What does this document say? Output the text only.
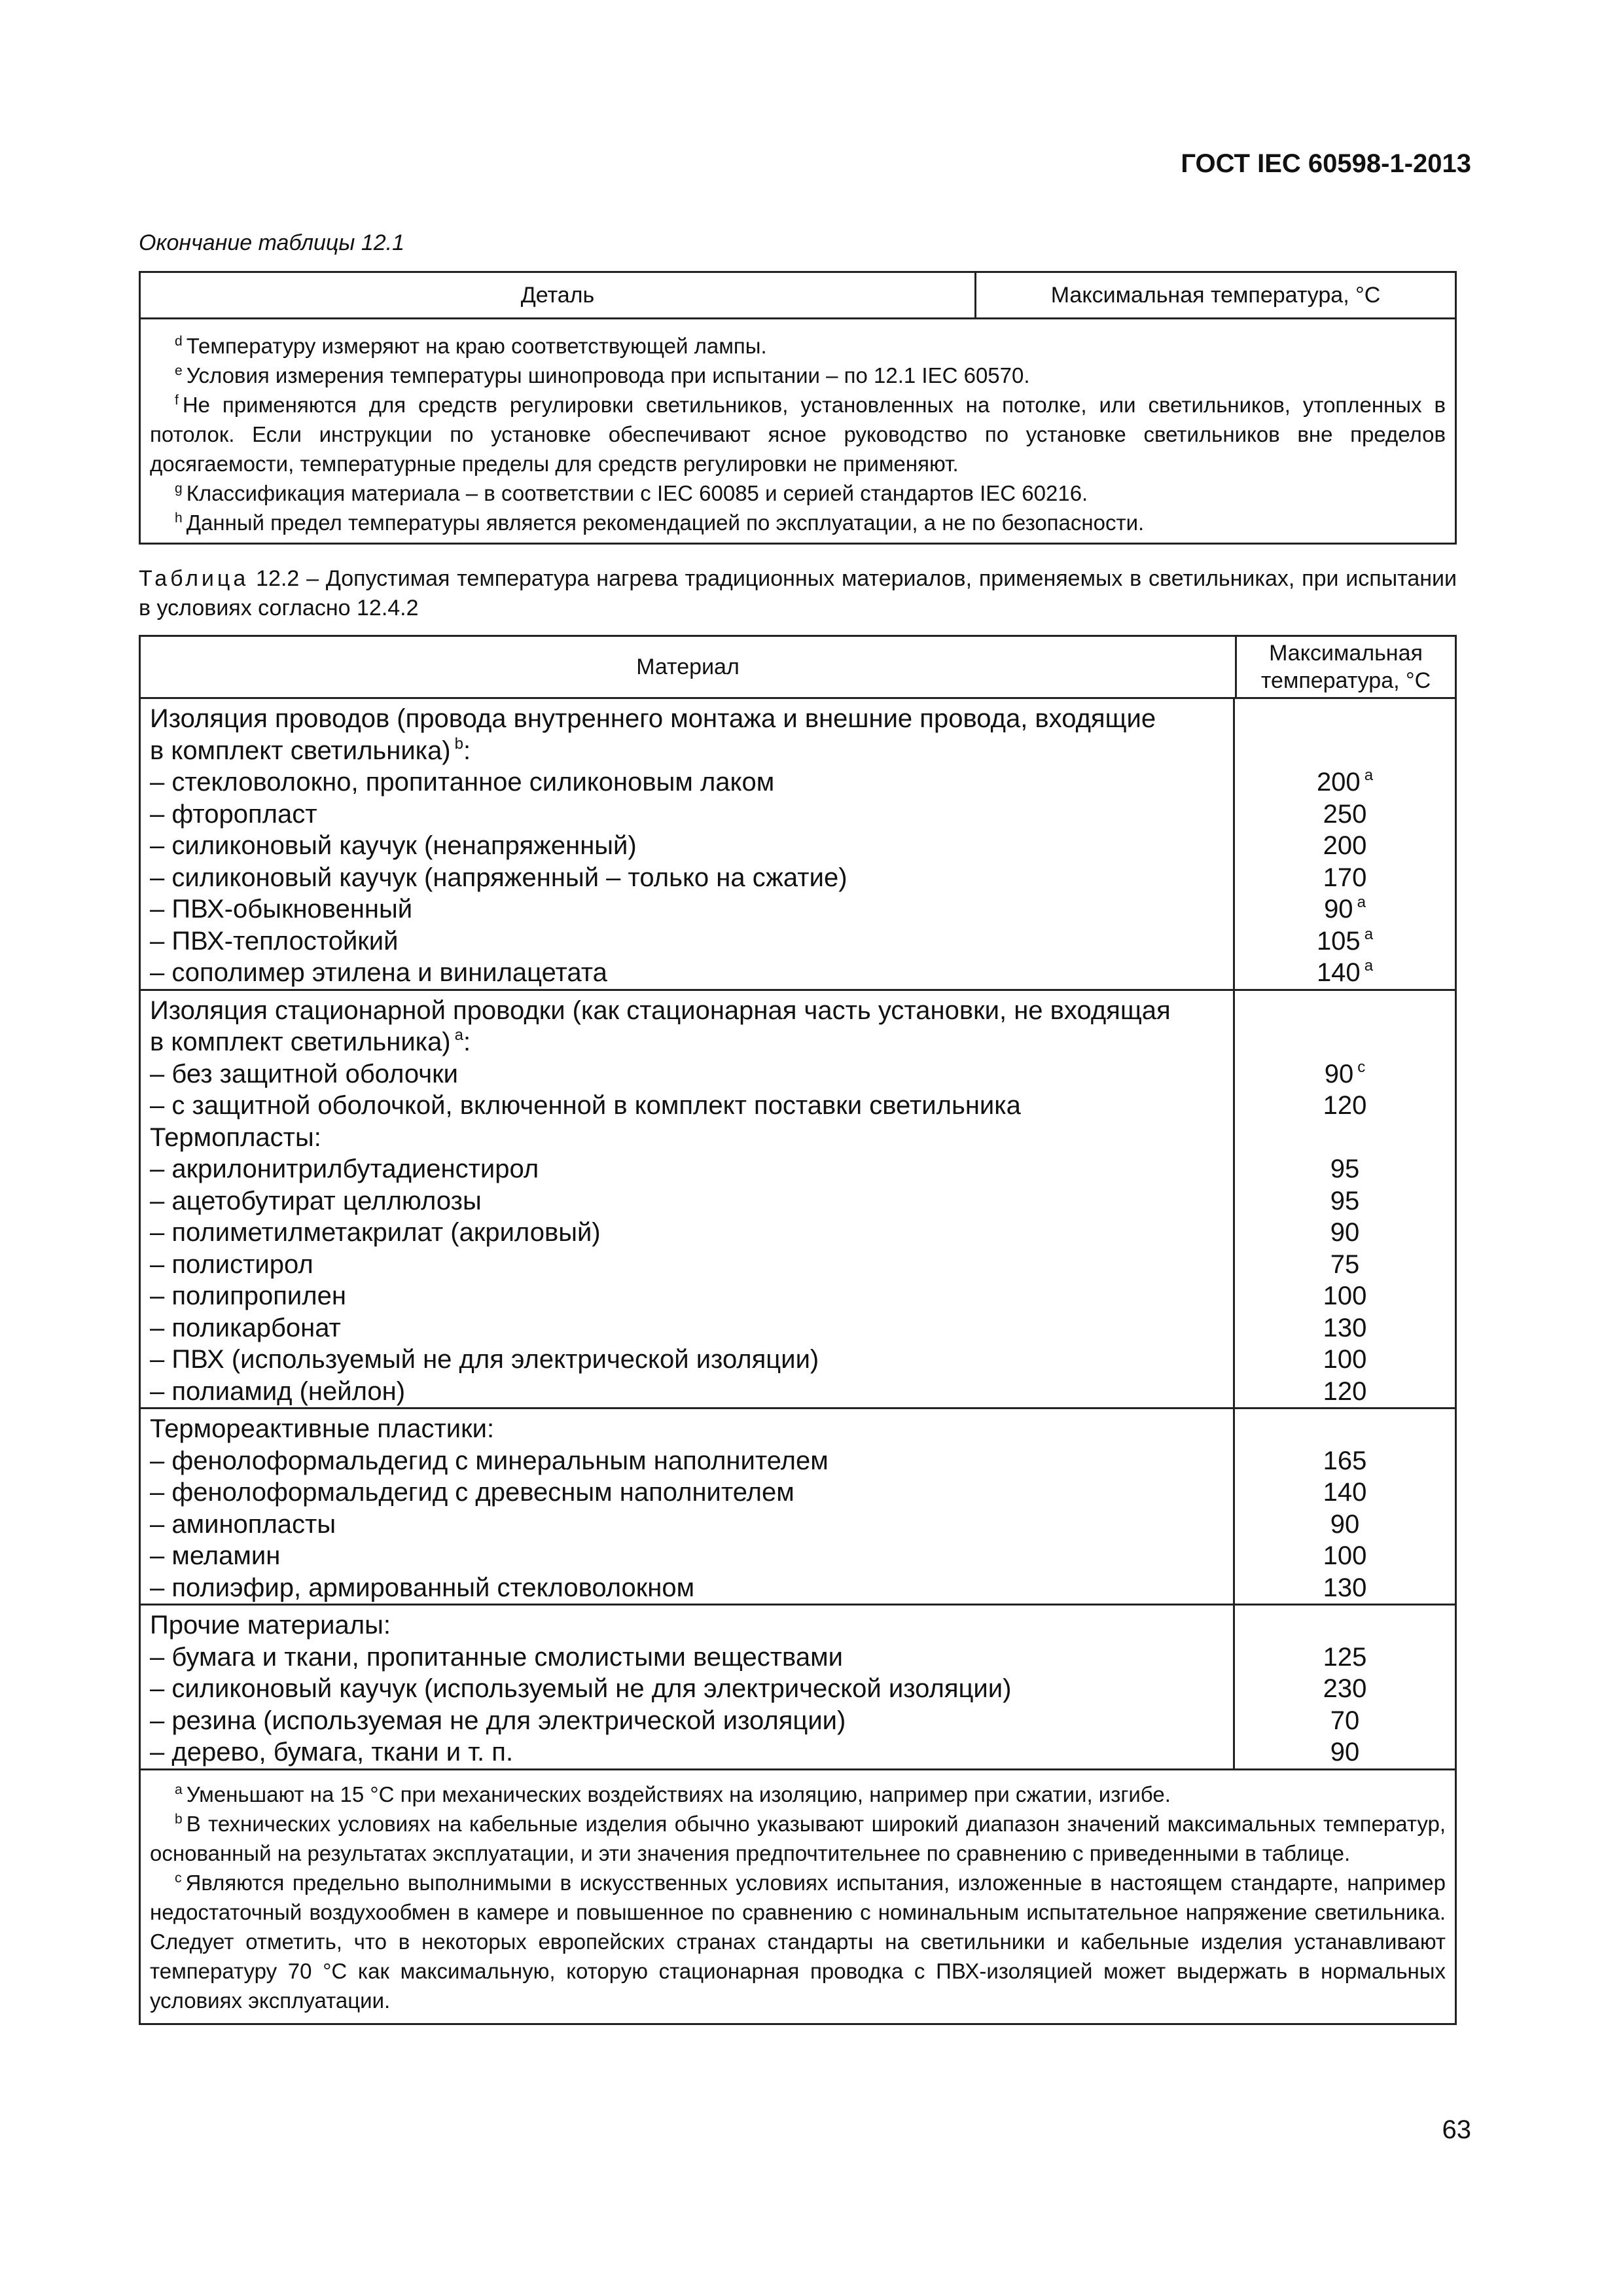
ГОСТ IEC 60598-1-2013
Окончание таблицы 12.1
Деталь	Максимальная температура, °C

$^d$ Температуру измеряют на краю соответствующей лампы.

$^e$ Условия измерения температуры шинопровода при испытании – по 12.1 IEC 60570.

$^f$ Не применяются для средств регулировки светильников, установленных на потолке, или светильников, утопленных в потолок. Если инструкции по установке обеспечивают ясное руководство по установке светильников вне пределов досягаемости, температурные пределы для средств регулировки не применяют.

$^g$ Классификация материала – в соответствии с IEC 60085 и серией стандартов IEC 60216.

$^h$ Данный предел температуры является рекомендацией по эксплуатации, а не по безопасности.

Таблица 12.2 – Допустимая температура нагрева традиционных материалов, применяемых в светильниках, при испытании в условиях согласно 12.4.2
Материал
Максимальная
температура, °C
Изоляция проводов (провода внутреннего монтажа и внешние провода, входящие
в комплект светильника) $^b$:
– стекловолокно, пропитанное силиконовым лаком
– фторопласт
– силиконовый каучук (ненапряженный)
– силиконовый каучук (напряженный – только на сжатие)
– ПВХ-обыкновенный
– ПВХ-теплостойкий
– сополимер этилена и винилацетата
200 $^a$
250
200
170
90 $^a$
105 $^a$
140 $^a$
Изоляция стационарной проводки (как стационарная часть установки, не входящая
в комплект светильника) $^a$:
– без защитной оболочки
– с защитной оболочкой, включенной в комплект поставки светильника
Термопласты:
– акрилонитрилбутадиенстирол
– ацетобутират целлюлозы
– полиметилметакрилат (акриловый)
– полистирол
– полипропилен
– поликарбонат
– ПВХ (используемый не для электрической изоляции)
– полиамид (нейлон)
90 $^c$
120
95
95
90
75
100
130
100
120
Термореактивные пластики:
– фенолоформальдегид с минеральным наполнителем
– фенолоформальдегид с древесным наполнителем
– аминопласты
– меламин
– полиэфир, армированный стекловолокном
165
140
90
100
130
Прочие материалы:
– бумага и ткани, пропитанные смолистыми веществами
– силиконовый каучук (используемый не для электрической изоляции)
– резина (используемая не для электрической изоляции)
– дерево, бумага, ткани и т. п.
125
230
70
90

$^a$ Уменьшают на 15 °C при механических воздействиях на изоляцию, например при сжатии, изгибе.

$^b$ В технических условиях на кабельные изделия обычно указывают широкий диапазон значений максимальных температур, основанный на результатах эксплуатации, и эти значения предпочтительнее по сравнению с приведенными в таблице.

$^c$ Являются предельно выполнимыми в искусственных условиях испытания, изложенные в настоящем стандарте, например недостаточный воздухообмен в камере и повышенное по сравнению с номинальным испытательное напряжение светильника. Следует отметить, что в некоторых европейских странах стандарты на светильники и кабельные изделия устанавливают температуру 70 °C как максимальную, которую стационарная проводка с ПВХ-изоляцией может выдержать в нормальных условиях эксплуатации.

63
